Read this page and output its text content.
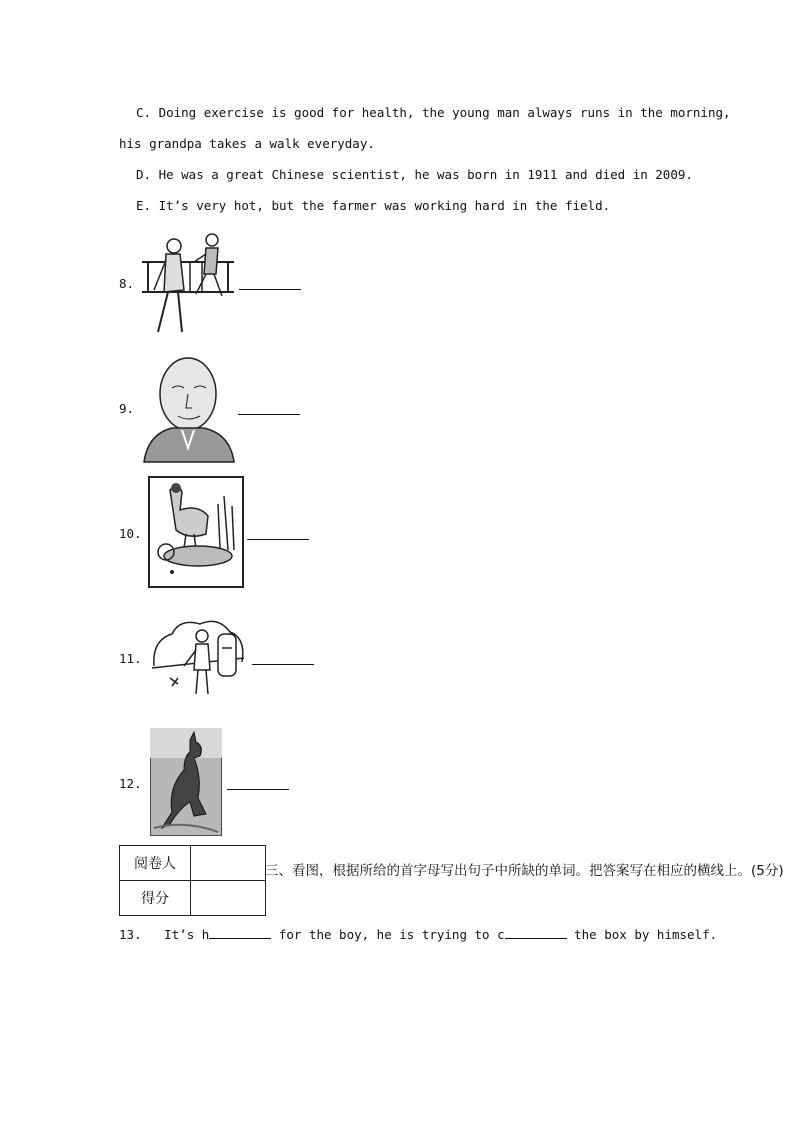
C. Doing exercise is good for health, the young man always runs in the morning,
his grandpa takes a walk everyday.
D. He was a great Chinese scientist, he was born in 1911 and died in 2009.
E. It’s very hot, but the farmer was working hard in the field.
8.
9.
10.
11.
12.
阅卷人	
得分	
三、看图，根据所给的首字母写出句子中所缺的单词。把答案写在相应的横线上。(5分)
13. It’s h	for the boy, he is trying to c	the box by himself.
